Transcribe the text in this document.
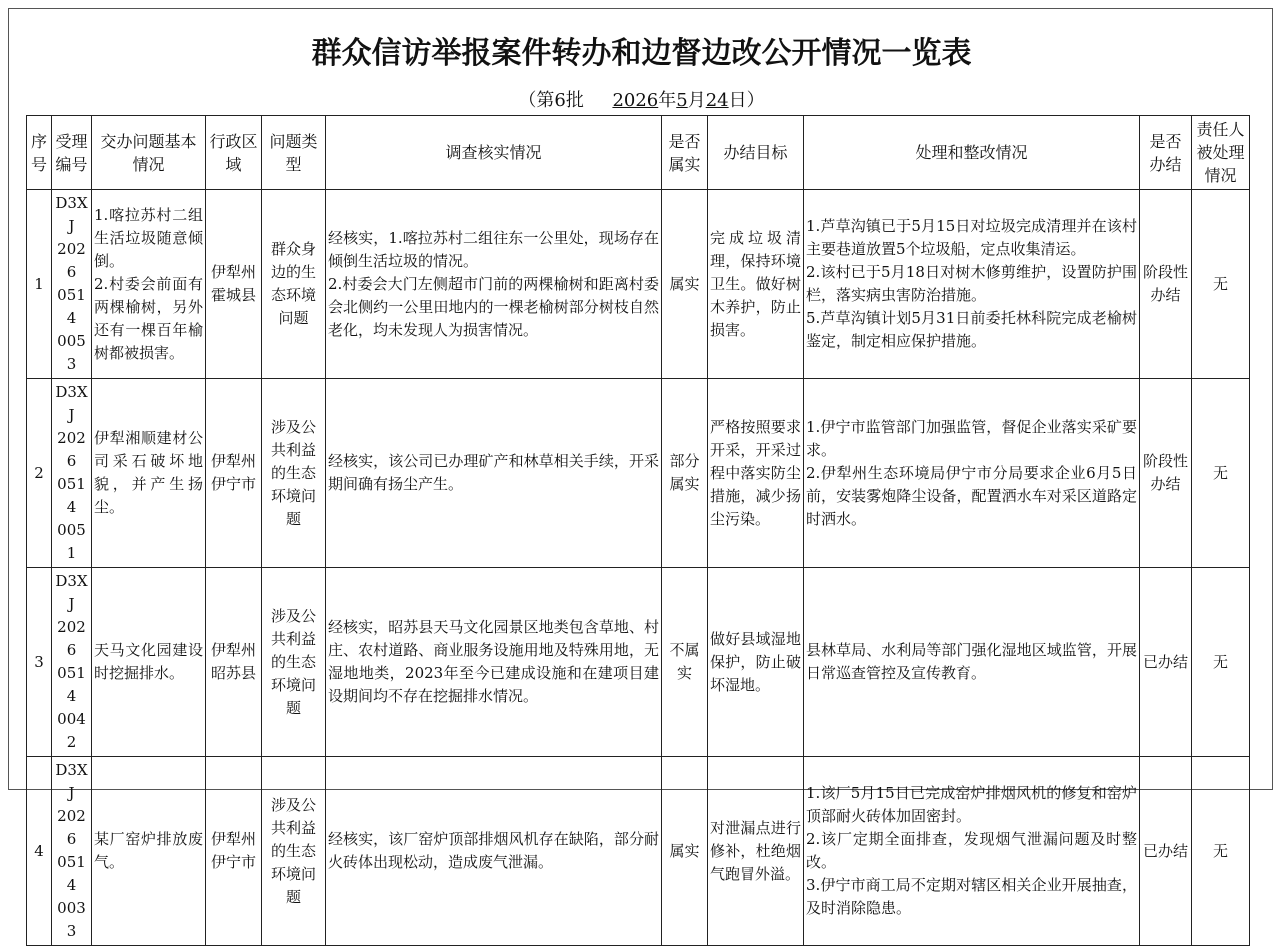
群众信访举报案件转办和边督边改公开情况一览表
（第6批 2026年5月24日）
序号	受理编号	交办问题基本情况	行政区域	问题类型	调查核实情况	是否属实	办结目标	处理和整改情况	是否办结	责任人被处理情况
1	D3XJ
2026
0514
0053	1.喀拉苏村二组生活垃圾随意倾倒。
2.村委会前面有两棵榆树，另外还有一棵百年榆树都被损害。	伊犁州霍城县	群众身边的生态环境问题	经核实，1.喀拉苏村二组往东一公里处，现场存在倾倒生活垃圾的情况。
2.村委会大门左侧超市门前的两棵榆树和距离村委会北侧约一公里田地内的一棵老榆树部分树枝自然老化，均未发现人为损害情况。	属实	完成垃圾清理，保持环境卫生。做好树木养护，防止损害。	1.芦草沟镇已于5月15日对垃圾完成清理并在该村主要巷道放置5个垃圾船，定点收集清运。
2.该村已于5月18日对树木修剪维护，设置防护围栏，落实病虫害防治措施。
5.芦草沟镇计划5月31日前委托林科院完成老榆树鉴定，制定相应保护措施。	阶段性办结	无
2	D3XJ
2026
0514
0051	伊犁湘顺建材公司采石破坏地貌，并产生扬尘。	伊犁州伊宁市	涉及公共利益的生态环境问题	经核实，该公司已办理矿产和林草相关手续，开采期间确有扬尘产生。	部分属实	严格按照要求开采，开采过程中落实防尘措施，减少扬尘污染。	1.伊宁市监管部门加强监管，督促企业落实采矿要求。
2.伊犁州生态环境局伊宁市分局要求企业6月5日前，安装雾炮降尘设备，配置洒水车对采区道路定时洒水。	阶段性办结	无
3	D3XJ
2026
0514
0042	天马文化园建设时挖掘排水。	伊犁州昭苏县	涉及公共利益的生态环境问题	经核实，昭苏县天马文化园景区地类包含草地、村庄、农村道路、商业服务设施用地及特殊用地，无湿地地类，2023年至今已建成设施和在建项目建设期间均不存在挖掘排水情况。	不属实	做好县域湿地保护，防止破坏湿地。	县林草局、水利局等部门强化湿地区域监管，开展日常巡查管控及宣传教育。	已办结	无
4	D3XJ
2026
0514
0033	某厂窑炉排放废气。	伊犁州伊宁市	涉及公共利益的生态环境问题	经核实，该厂窑炉顶部排烟风机存在缺陷，部分耐火砖体出现松动，造成废气泄漏。	属实	对泄漏点进行修补，杜绝烟气跑冒外溢。	1.该厂5月15日已完成窑炉排烟风机的修复和窑炉顶部耐火砖体加固密封。
2.该厂定期全面排查，发现烟气泄漏问题及时整改。
3.伊宁市商工局不定期对辖区相关企业开展抽查，及时消除隐患。	已办结	无
